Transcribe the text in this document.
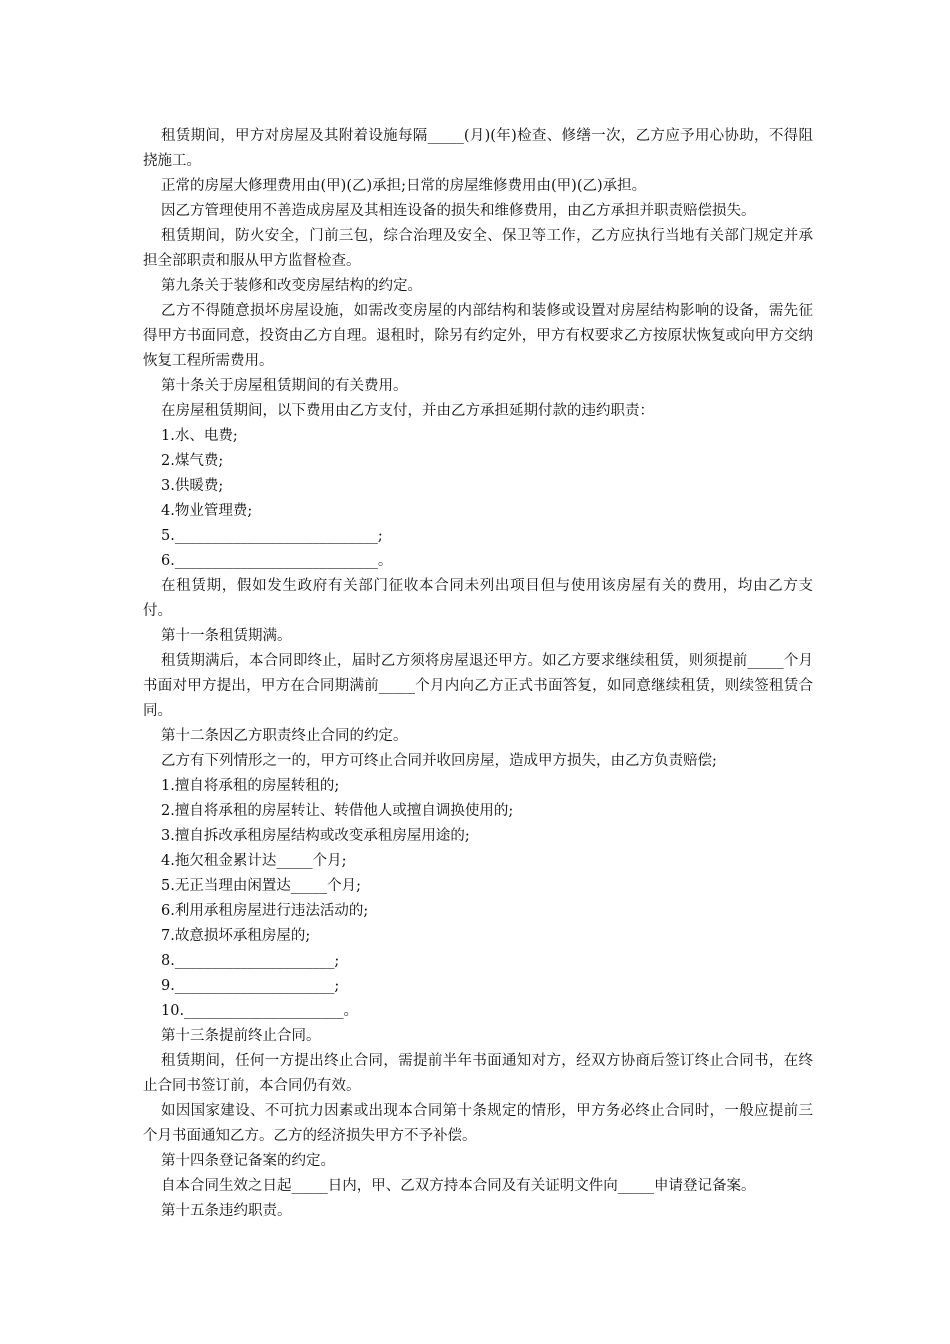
租赁期间，甲方对房屋及其附着设施每隔_____(月)(年)检查、修缮一次，乙方应予用心协助，不得阻挠施工。

正常的房屋大修理费用由(甲)(乙)承担;日常的房屋维修费用由(甲)(乙)承担。

因乙方管理使用不善造成房屋及其相连设备的损失和维修费用，由乙方承担并职责赔偿损失。

租赁期间，防火安全，门前三包，综合治理及安全、保卫等工作，乙方应执行当地有关部门规定并承担全部职责和服从甲方监督检查。

第九条关于装修和改变房屋结构的约定。

乙方不得随意损坏房屋设施，如需改变房屋的内部结构和装修或设置对房屋结构影响的设备，需先征得甲方书面同意，投资由乙方自理。退租时，除另有约定外，甲方有权要求乙方按原状恢复或向甲方交纳恢复工程所需费用。

第十条关于房屋租赁期间的有关费用。

在房屋租赁期间，以下费用由乙方支付，并由乙方承担延期付款的违约职责：

1.水、电费;

2.煤气费;

3.供暖费;

4.物业管理费;

5.____________________________;

6.____________________________。

在租赁期，假如发生政府有关部门征收本合同未列出项目但与使用该房屋有关的费用，均由乙方支付。

第十一条租赁期满。

租赁期满后，本合同即终止，届时乙方须将房屋退还甲方。如乙方要求继续租赁，则须提前_____个月书面对甲方提出，甲方在合同期满前_____个月内向乙方正式书面答复，如同意继续租赁，则续签租赁合同。

第十二条因乙方职责终止合同的约定。

乙方有下列情形之一的，甲方可终止合同并收回房屋，造成甲方损失，由乙方负责赔偿;

1.擅自将承租的房屋转租的;

2.擅自将承租的房屋转让、转借他人或擅自调换使用的;

3.擅自拆改承租房屋结构或改变承租房屋用途的;

4.拖欠租金累计达_____个月;

5.无正当理由闲置达_____个月;

6.利用承租房屋进行违法活动的;

7.故意损坏承租房屋的;

8.______________________;

9.______________________;

10.______________________。

第十三条提前终止合同。

租赁期间，任何一方提出终止合同，需提前半年书面通知对方，经双方协商后签订终止合同书，在终止合同书签订前，本合同仍有效。

如因国家建设、不可抗力因素或出现本合同第十条规定的情形，甲方务必终止合同时，一般应提前三个月书面通知乙方。乙方的经济损失甲方不予补偿。

第十四条登记备案的约定。

自本合同生效之日起_____日内，甲、乙双方持本合同及有关证明文件向_____申请登记备案。

第十五条违约职责。
